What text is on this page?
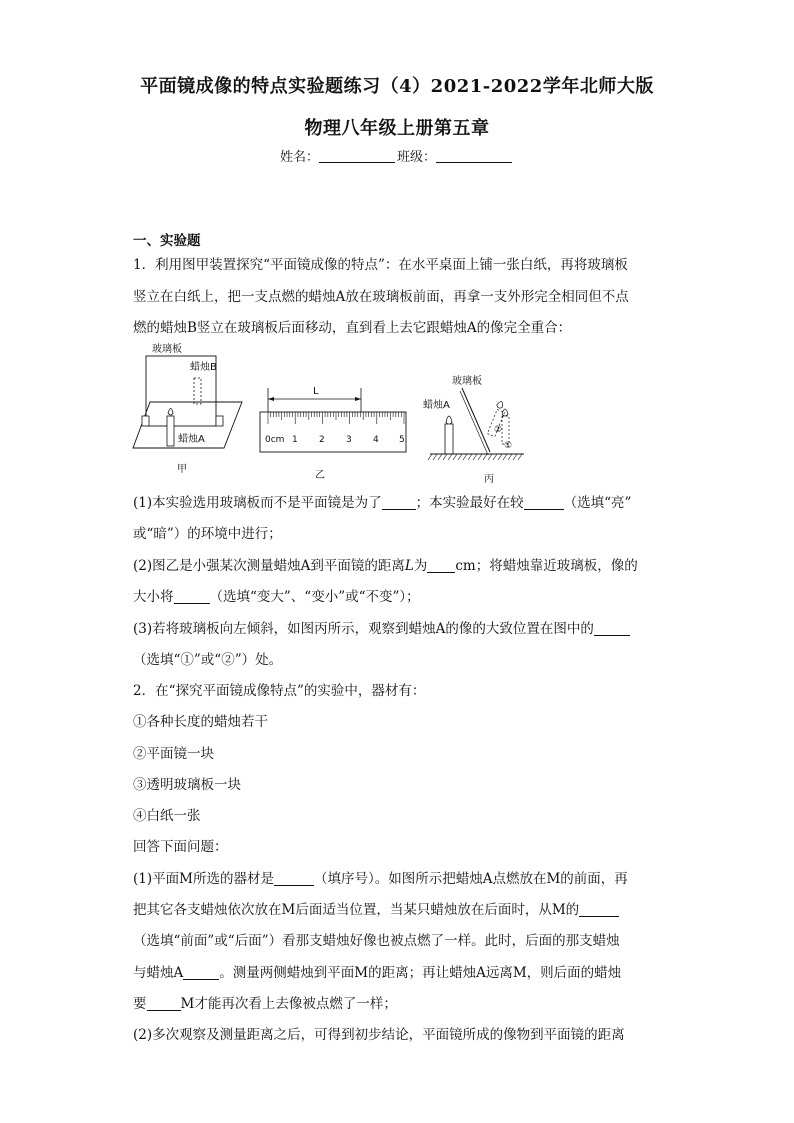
平面镜成像的特点实验题练习（4）2021-2022学年北师大版
物理八年级上册第五章
姓名：	班级：
一、实验题
1．利用图甲装置探究“平面镜成像的特点”：在水平桌面上铺一张白纸，再将玻璃板
竖立在白纸上，把一支点燃的蜡烛A放在玻璃板前面，再拿一支外形完全相同但不点
燃的蜡烛B竖立在玻璃板后面移动，直到看上去它跟蜡烛A的像完全重合：
玻璃板
蜡烛B
蜡烛A
甲
L
0cm 1 2 3 4 5
乙
玻璃板
蜡烛A
②
①
丙
(1)本实验选用玻璃板而不是平面镜是为了	；本实验最好在较	（选填“亮”
或“暗”）的环境中进行；
(2)图乙是小强某次测量蜡烛A到平面镜的距离L为 cm；将蜡烛靠近玻璃板，像的
大小将	（选填“变大”、“变小”或“不变”）；
(3)若将玻璃板向左倾斜，如图丙所示，观察到蜡烛A的像的大致位置在图中的
（选填“①”或“②”）处。
2．在“探究平面镜成像特点”的实验中，器材有：
①各种长度的蜡烛若干
②平面镜一块
③透明玻璃板一块
④白纸一张
回答下面问题：
(1)平面M所选的器材是	（填序号）。如图所示把蜡烛A点燃放在M的前面，再
把其它各支蜡烛依次放在M后面适当位置，当某只蜡烛放在后面时，从M的
（选填“前面”或“后面”）看那支蜡烛好像也被点燃了一样。此时，后面的那支蜡烛
与蜡烛A	。测量两侧蜡烛到平面M的距离；再让蜡烛A远离M，则后面的蜡烛
要	M才能再次看上去像被点燃了一样；
(2)多次观察及测量距离之后，可得到初步结论，平面镜所成的像物到平面镜的距离
